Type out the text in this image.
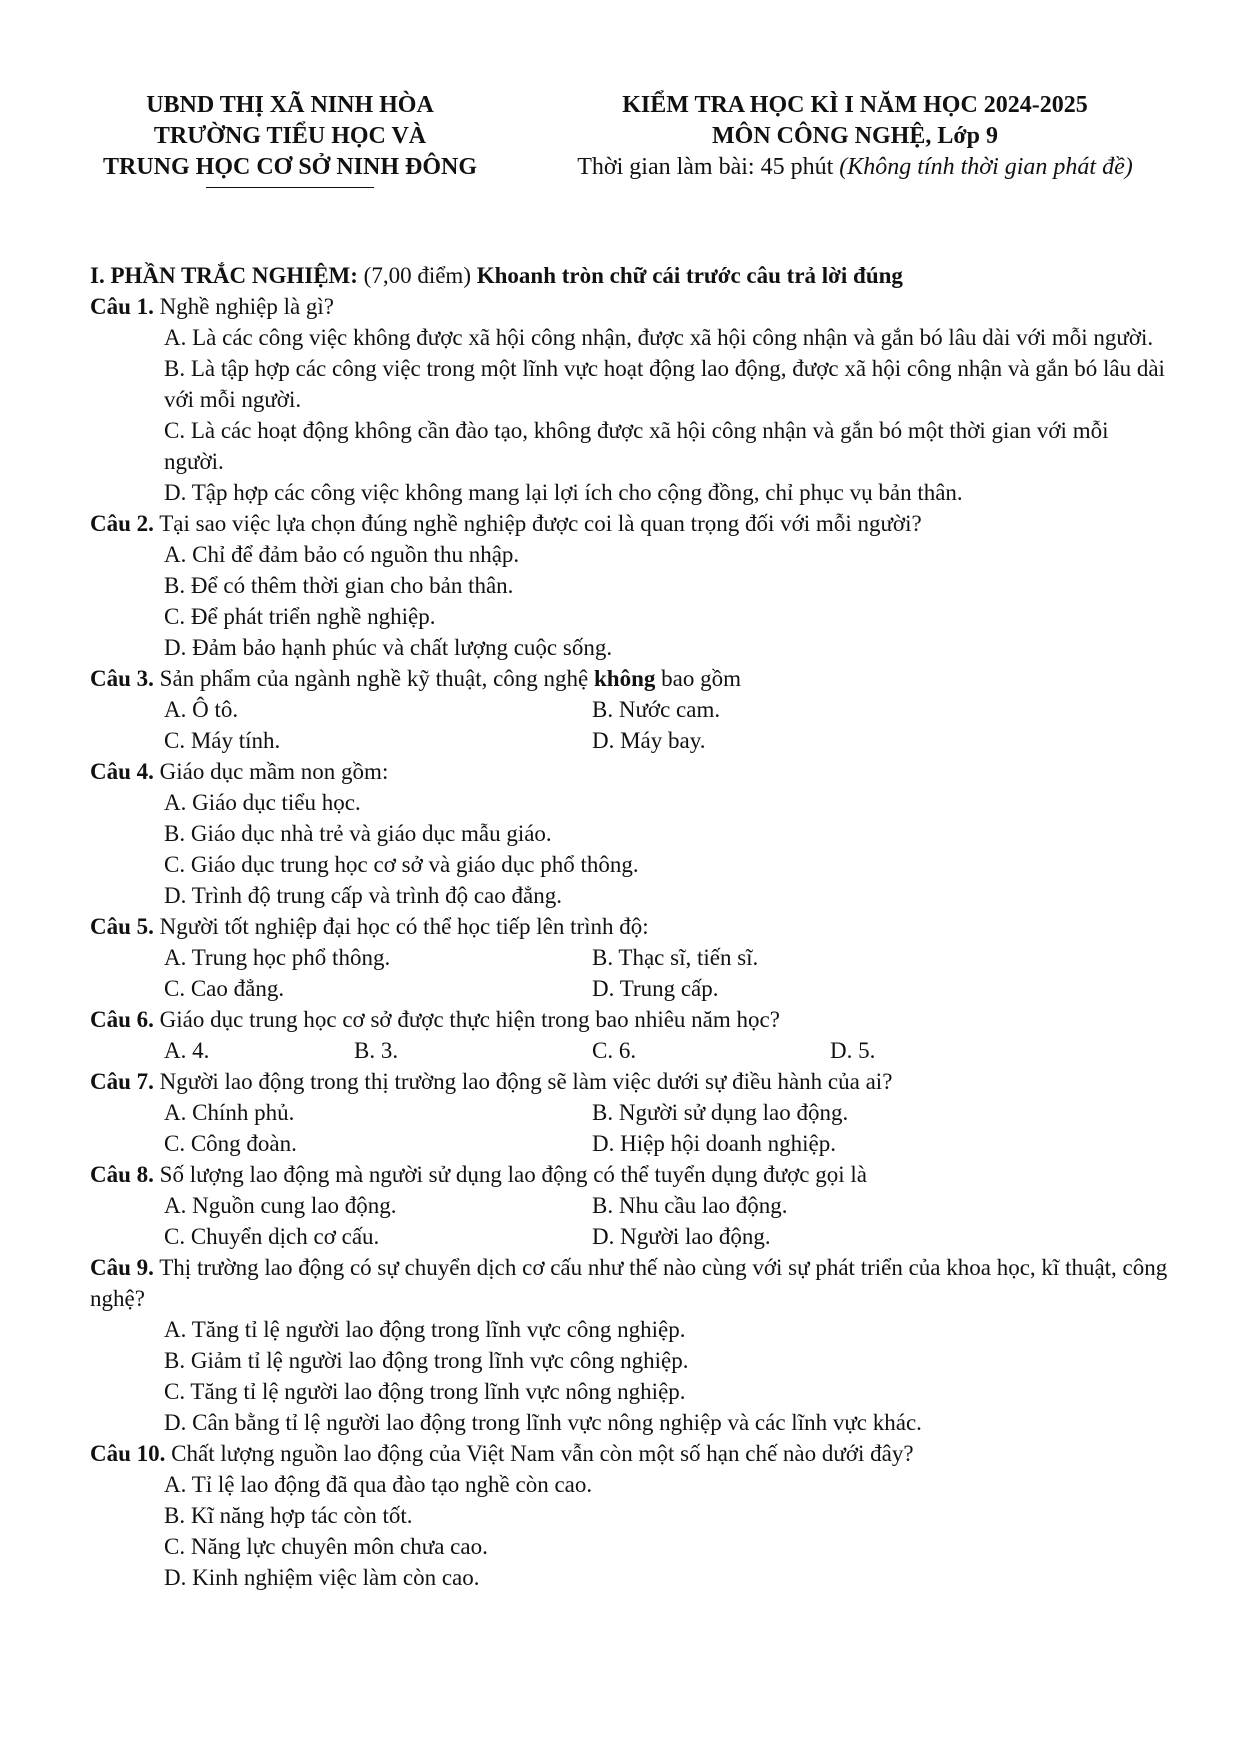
UBND THỊ XÃ NINH HÒA
TRƯỜNG TIỂU HỌC VÀ
TRUNG HỌC CƠ SỞ NINH ĐÔNG
KIỂM TRA HỌC KÌ I NĂM HỌC 2024-2025
MÔN CÔNG NGHỆ, Lớp 9
Thời gian làm bài: 45 phút (Không tính thời gian phát đề)
I. PHẦN TRẮC NGHIỆM: (7,00 điểm) Khoanh tròn chữ cái trước câu trả lời đúng
Câu 1. Nghề nghiệp là gì?
A. Là các công việc không được xã hội công nhận, được xã hội công nhận và gắn bó lâu dài với mỗi người.
B. Là tập hợp các công việc trong một lĩnh vực hoạt động lao động, được xã hội công nhận và gắn bó lâu dài với mỗi người.
C. Là các hoạt động không cần đào tạo, không được xã hội công nhận và gắn bó một thời gian với mỗi người.
D. Tập hợp các công việc không mang lại lợi ích cho cộng đồng, chỉ phục vụ bản thân.
Câu 2. Tại sao việc lựa chọn đúng nghề nghiệp được coi là quan trọng đối với mỗi người?
A. Chỉ để đảm bảo có nguồn thu nhập.
B. Để có thêm thời gian cho bản thân.
C. Để phát triển nghề nghiệp.
D. Đảm bảo hạnh phúc và chất lượng cuộc sống.
Câu 3. Sản phẩm của ngành nghề kỹ thuật, công nghệ không bao gồm
A. Ô tô.	B. Nước cam.
C. Máy tính.	D. Máy bay.
Câu 4. Giáo dục mầm non gồm:
A. Giáo dục tiểu học.
B. Giáo dục nhà trẻ và giáo dục mẫu giáo.
C. Giáo dục trung học cơ sở và giáo dục phổ thông.
D. Trình độ trung cấp và trình độ cao đẳng.
Câu 5. Người tốt nghiệp đại học có thể học tiếp lên trình độ:
A. Trung học phổ thông.	B. Thạc sĩ, tiến sĩ.
C. Cao đẳng.	D. Trung cấp.
Câu 6. Giáo dục trung học cơ sở được thực hiện trong bao nhiêu năm học?
A. 4.	B. 3.	C. 6.	D. 5.
Câu 7. Người lao động trong thị trường lao động sẽ làm việc dưới sự điều hành của ai?
A. Chính phủ.	B. Người sử dụng lao động.
C. Công đoàn.	D. Hiệp hội doanh nghiệp.
Câu 8. Số lượng lao động mà người sử dụng lao động có thể tuyển dụng được gọi là
A. Nguồn cung lao động.	B. Nhu cầu lao động.
C. Chuyển dịch cơ cấu.	D. Người lao động.
Câu 9. Thị trường lao động có sự chuyển dịch cơ cấu như thế nào cùng với sự phát triển của khoa học, kĩ thuật, công nghệ?
A. Tăng tỉ lệ người lao động trong lĩnh vực công nghiệp.
B. Giảm tỉ lệ người lao động trong lĩnh vực công nghiệp.
C. Tăng tỉ lệ người lao động trong lĩnh vực nông nghiệp.
D. Cân bằng tỉ lệ người lao động trong lĩnh vực nông nghiệp và các lĩnh vực khác.
Câu 10. Chất lượng nguồn lao động của Việt Nam vẫn còn một số hạn chế nào dưới đây?
A. Tỉ lệ lao động đã qua đào tạo nghề còn cao.
B. Kĩ năng hợp tác còn tốt.
C. Năng lực chuyên môn chưa cao.
D. Kinh nghiệm việc làm còn cao.
